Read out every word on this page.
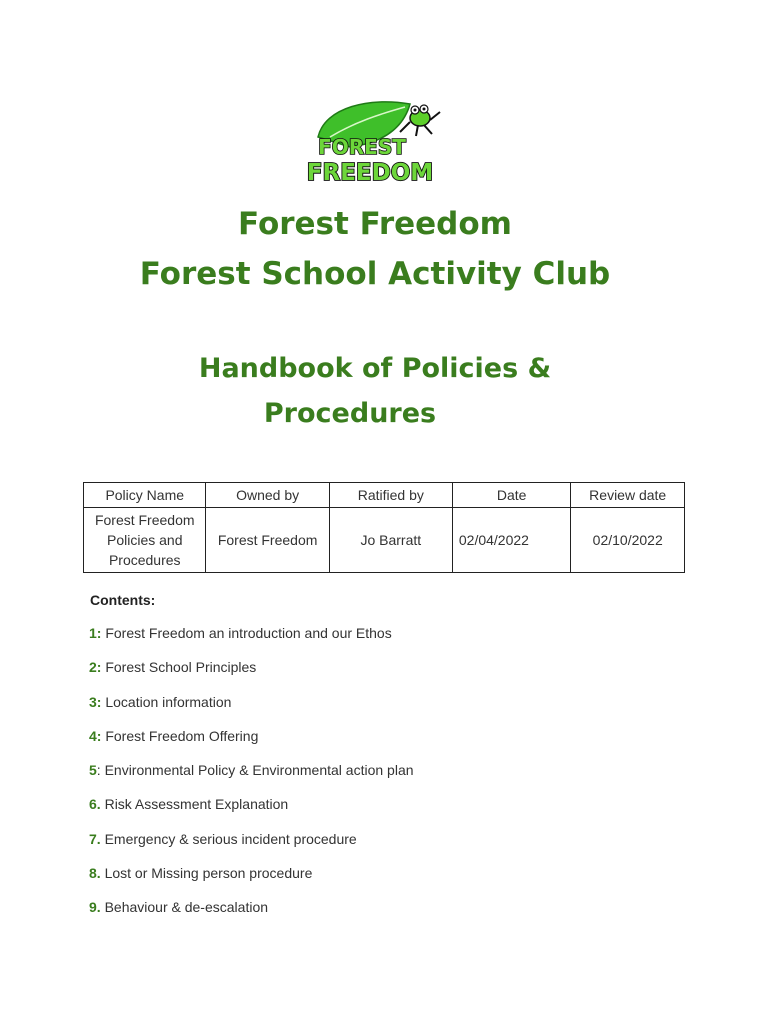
FOREST
FREEDOM
Forest Freedom
Forest School Activity Club
Handbook of Policies &
Procedures
Policy Name	Owned by	Ratified by	Date	Review date

Forest Freedom
Policies and
Procedures	Forest Freedom	Jo Barratt	02/04/2022	02/10/2022

Contents:

1: Forest Freedom an introduction and our Ethos
2: Forest School Principles
3: Location information
4: Forest Freedom Offering
5: Environmental Policy & Environmental action plan
6. Risk Assessment Explanation
7. Emergency & serious incident procedure
8. Lost or Missing person procedure
9. Behaviour & de-escalation
